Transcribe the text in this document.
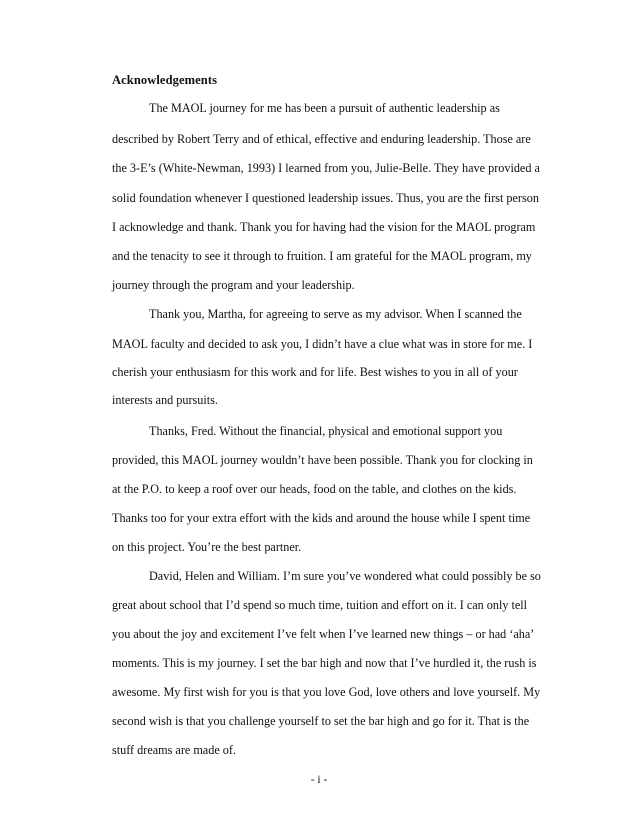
Acknowledgements
The MAOL journey for me has been a pursuit of authentic leadership as
described by Robert Terry and of ethical, effective and enduring leadership. Those are
the 3-E’s (White-Newman, 1993) I learned from you, Julie-Belle. They have provided a
solid foundation whenever I questioned leadership issues. Thus, you are the first person
I acknowledge and thank. Thank you for having had the vision for the MAOL program
and the tenacity to see it through to fruition. I am grateful for the MAOL program, my
journey through the program and your leadership.
Thank you, Martha, for agreeing to serve as my advisor. When I scanned the
MAOL faculty and decided to ask you, I didn’t have a clue what was in store for me. I
cherish your enthusiasm for this work and for life. Best wishes to you in all of your
interests and pursuits.
Thanks, Fred. Without the financial, physical and emotional support you
provided, this MAOL journey wouldn’t have been possible. Thank you for clocking in
at the P.O. to keep a roof over our heads, food on the table, and clothes on the kids.
Thanks too for your extra effort with the kids and around the house while I spent time
on this project. You’re the best partner.
David, Helen and William. I’m sure you’ve wondered what could possibly be so
great about school that I’d spend so much time, tuition and effort on it. I can only tell
you about the joy and excitement I’ve felt when I’ve learned new things – or had ‘aha’
moments. This is my journey. I set the bar high and now that I’ve hurdled it, the rush is
awesome. My first wish for you is that you love God, love others and love yourself. My
second wish is that you challenge yourself to set the bar high and go for it. That is the
stuff dreams are made of.
- i -
